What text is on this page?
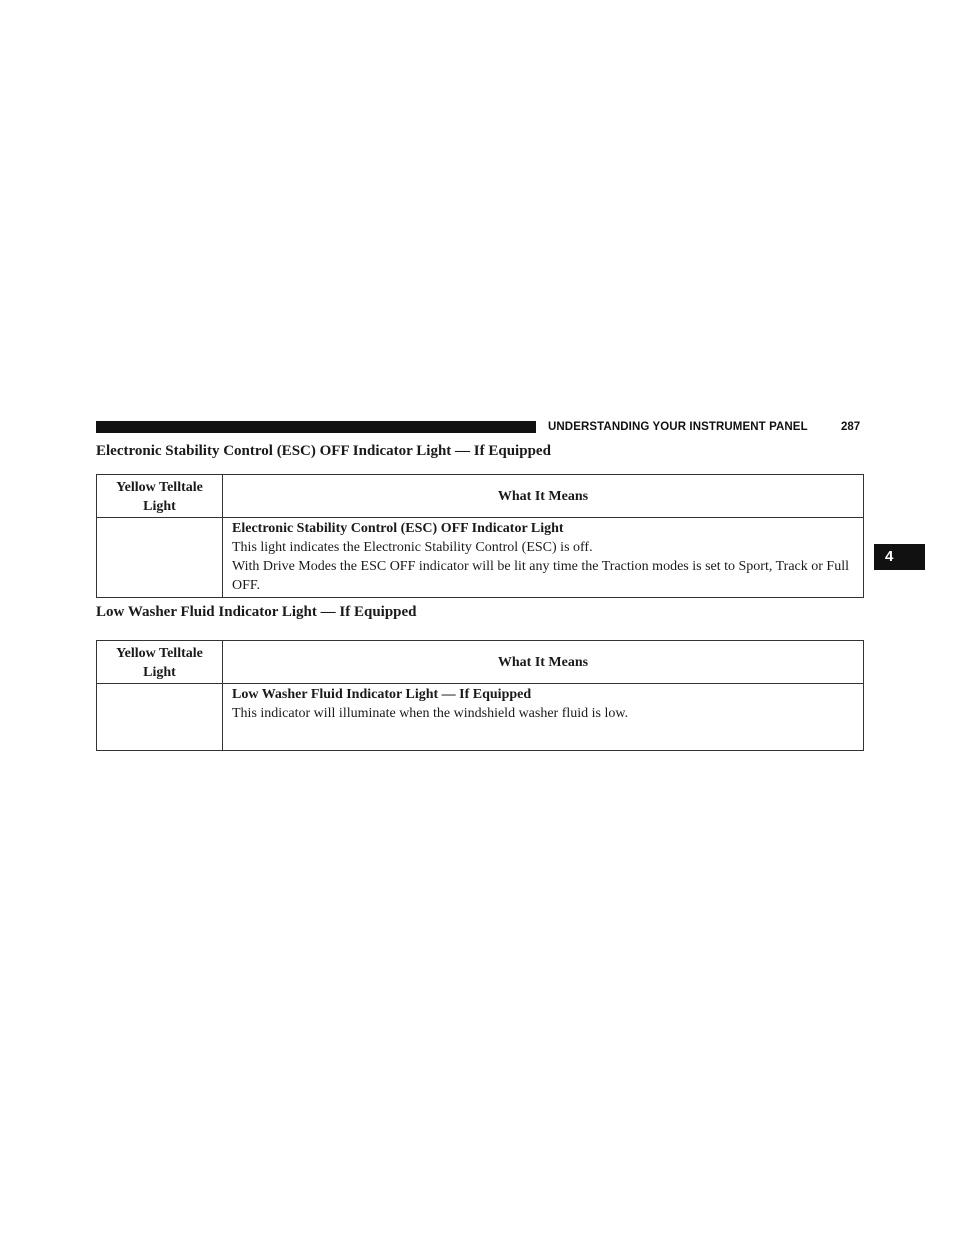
UNDERSTANDING YOUR INSTRUMENT PANEL	287
4
Electronic Stability Control (ESC) OFF Indicator Light — If Equipped
Yellow Telltale Light	What It Means

	Electronic Stability Control (ESC) OFF Indicator Light
This light indicates the Electronic Stability Control (ESC) is off.
With Drive Modes the ESC OFF indicator will be lit any time the Traction modes is set to Sport, Track or Full OFF.
Low Washer Fluid Indicator Light — If Equipped
Yellow Telltale Light	What It Means

	Low Washer Fluid Indicator Light — If Equipped
This indicator will illuminate when the windshield washer fluid is low.
